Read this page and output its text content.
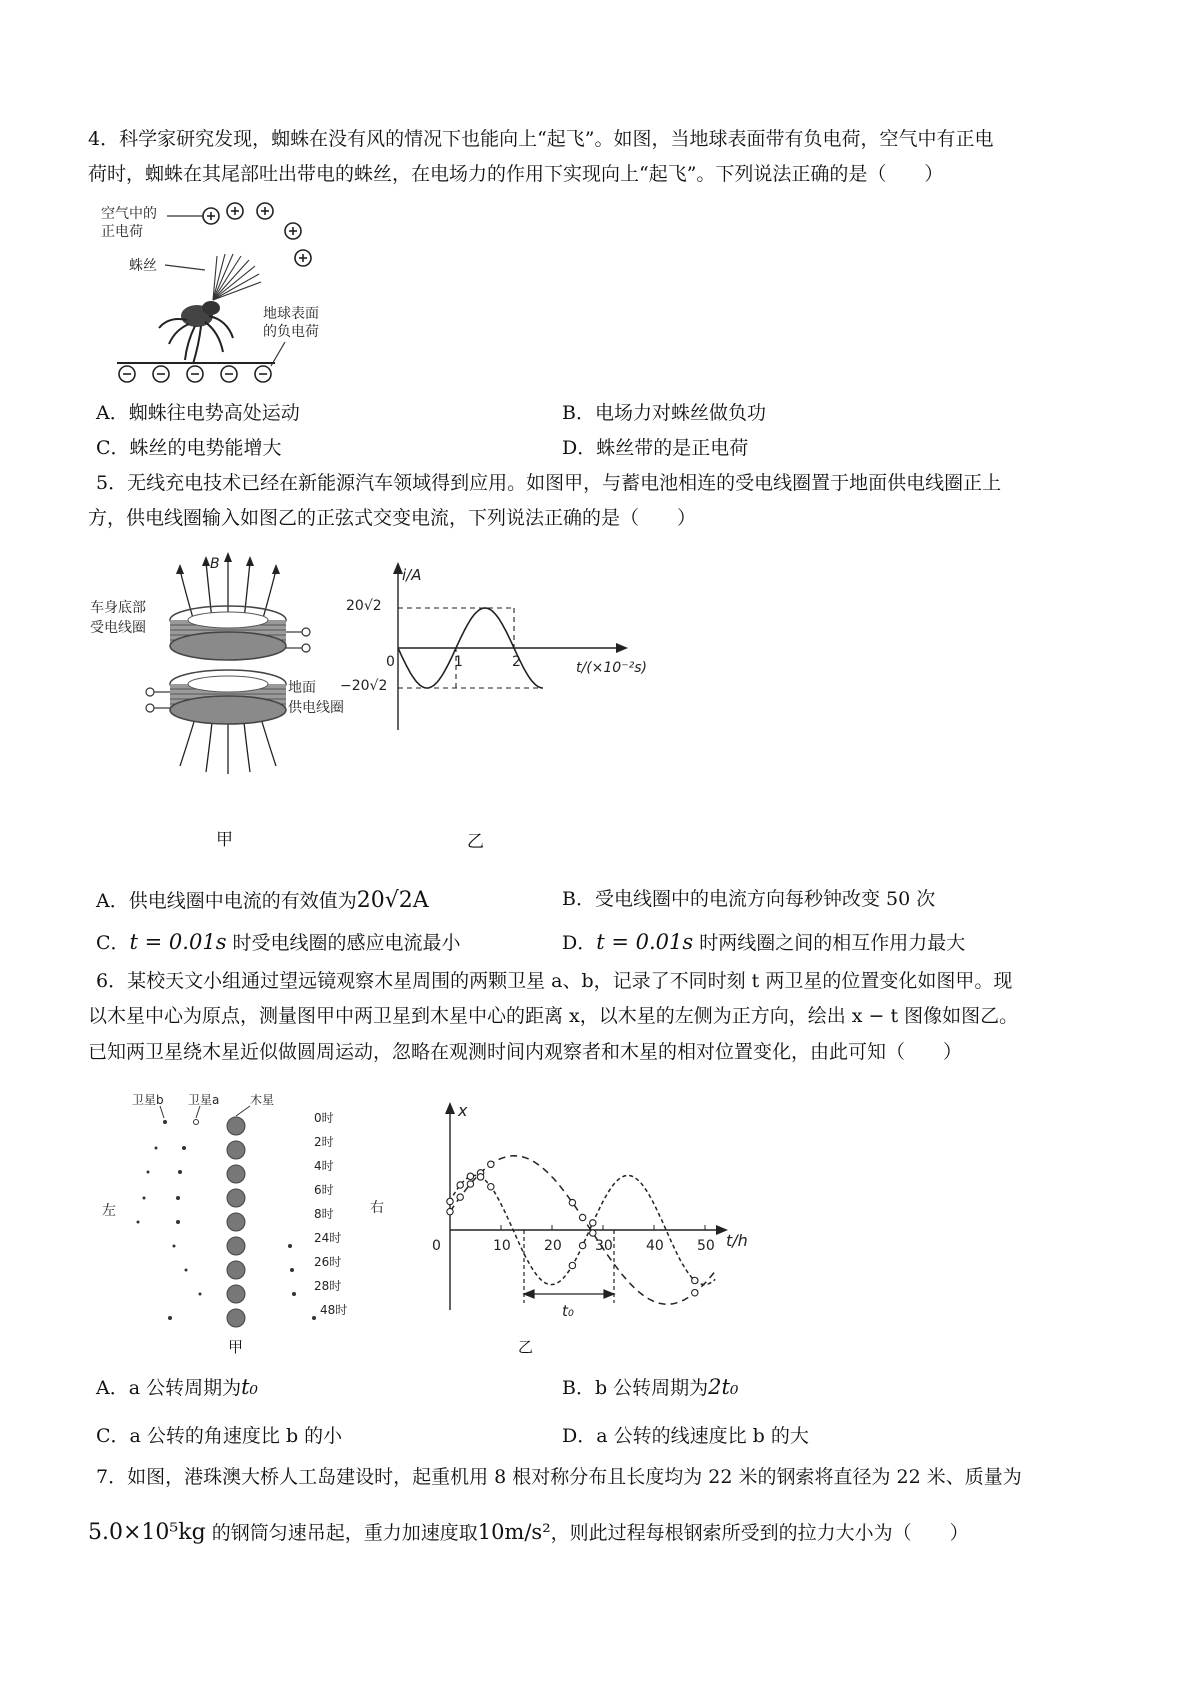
4．科学家研究发现，蜘蛛在没有风的情况下也能向上“起飞”。如图，当地球表面带有负电荷，空气中有正电
荷时，蜘蛛在其尾部吐出带电的蛛丝，在电场力的作用下实现向上“起飞”。下列说法正确的是（　　）
空气中的
正电荷
蛛丝
地球表面
的负电荷
A．蜘蛛往电势高处运动	B．电场力对蛛丝做负功
C．蛛丝的电势能增大	D．蛛丝带的是正电荷
5．无线充电技术已经在新能源汽车领域得到应用。如图甲，与蓄电池相连的受电线圈置于地面供电线圈正上
方，供电线圈输入如图乙的正弦式交变电流，下列说法正确的是（　　）
B
车身底部
受电线圈
地面
供电线圈
甲
i/A
t/(×10⁻²s)
0	1	2
20√2
−20√2
乙
A．供电线圈中电流的有效值为20√2A	B．受电线圈中的电流方向每秒钟改变 50 次
C．t = 0.01s 时受电线圈的感应电流最小	D．t = 0.01s 时两线圈之间的相互作用力最大
6．某校天文小组通过望远镜观察木星周围的两颗卫星 a、b，记录了不同时刻 t 两卫星的位置变化如图甲。现
以木星中心为原点，测量图甲中两卫星到木星中心的距离 x，以木星的左侧为正方向，绘出 x − t 图像如图乙。
已知两卫星绕木星近似做圆周运动，忽略在观测时间内观察者和木星的相对位置变化，由此可知（　　）
卫星b 卫星a	木星
左	右
0时
2时
4时
6时
8时
24时
26时
28时
48时
甲
x
t/h
0	10 20 30 40 50
t₀
乙
A．a 公转周期为t₀	B．b 公转周期为2t₀
C．a 公转的角速度比 b 的小	D．a 公转的线速度比 b 的大
7．如图，港珠澳大桥人工岛建设时，起重机用 8 根对称分布且长度均为 22 米的钢索将直径为 22 米、质量为
5.0×10⁵kg 的钢筒匀速吊起，重力加速度取10m/s²，则此过程每根钢索所受到的拉力大小为（　　）
